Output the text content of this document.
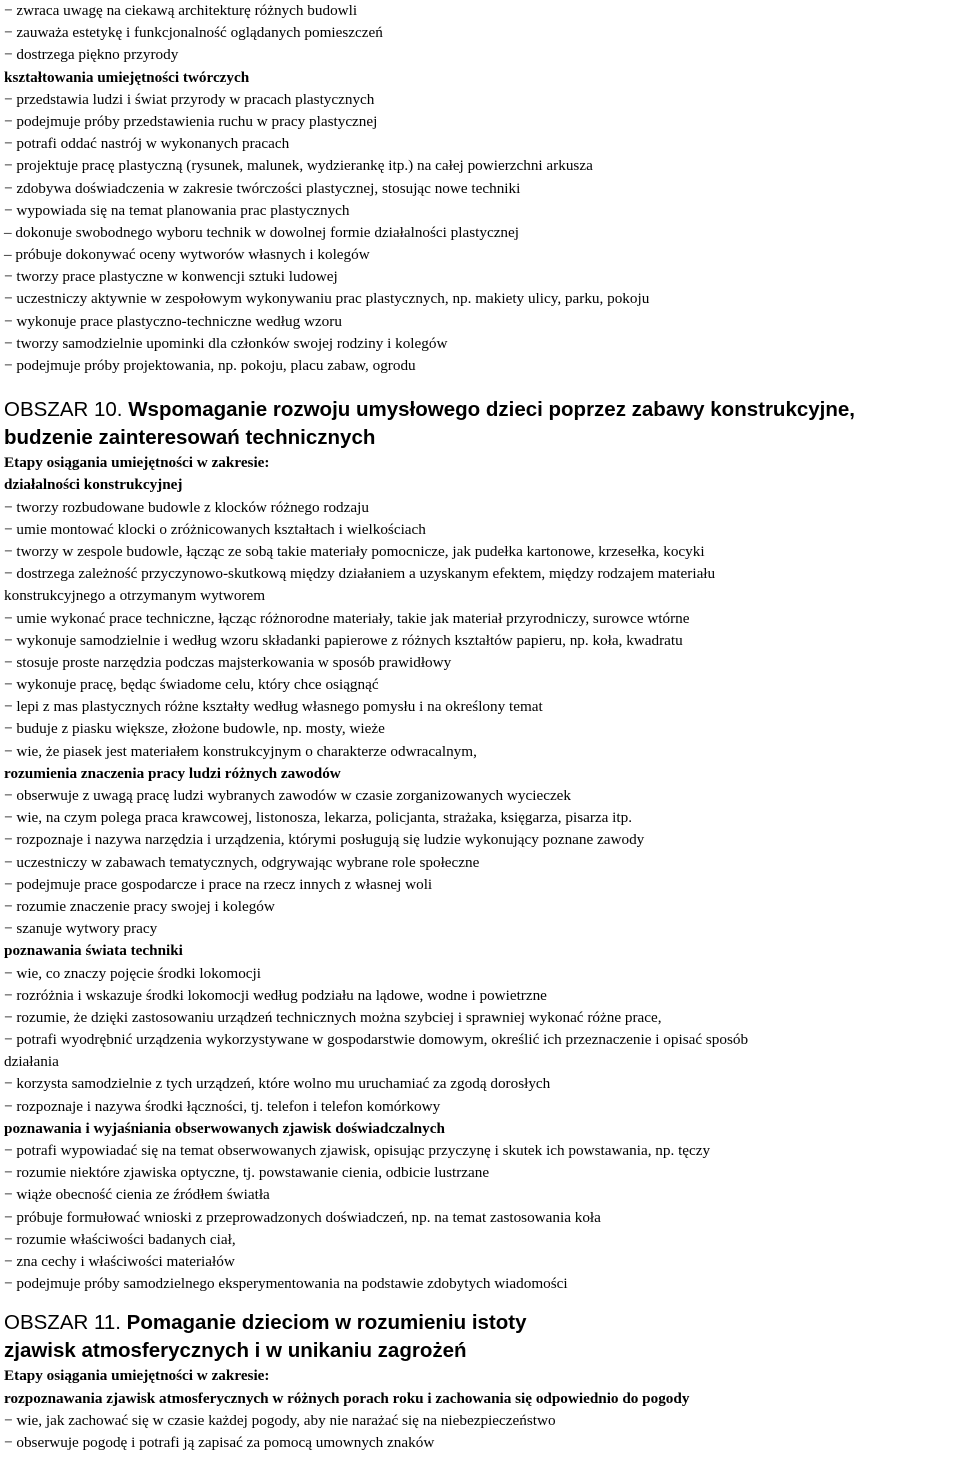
− zwraca uwagę na ciekawą architekturę różnych budowli

− zauważa estetykę i funkcjonalność oglądanych pomieszczeń

− dostrzega piękno przyrody

kształtowania umiejętności twórczych

− przedstawia ludzi i świat przyrody w pracach plastycznych

− podejmuje próby przedstawienia ruchu w pracy plastycznej

− potrafi oddać nastrój w wykonanych pracach

− projektuje pracę plastyczną (rysunek, malunek, wydzierankę itp.) na całej powierzchni arkusza

− zdobywa doświadczenia w zakresie twórczości plastycznej, stosując nowe techniki

− wypowiada się na temat planowania prac plastycznych

– dokonuje swobodnego wyboru technik w dowolnej formie działalności plastycznej

– próbuje dokonywać oceny wytworów własnych i kolegów

− tworzy prace plastyczne w konwencji sztuki ludowej

− uczestniczy aktywnie w zespołowym wykonywaniu prac plastycznych, np. makiety ulicy, parku, pokoju

− wykonuje prace plastyczno-techniczne według wzoru

− tworzy samodzielnie upominki dla członków swojej rodziny i kolegów

− podejmuje próby projektowania, np. pokoju, placu zabaw, ogrodu

OBSZAR 10. Wspomaganie rozwoju umysłowego dzieci poprzez zabawy konstrukcyjne,

budzenie zainteresowań technicznych

Etapy osiągania umiejętności w zakresie:

działalności konstrukcyjnej

− tworzy rozbudowane budowle z klocków różnego rodzaju

− umie montować klocki o zróżnicowanych kształtach i wielkościach

− tworzy w zespole budowle, łącząc ze sobą takie materiały pomocnicze, jak pudełka kartonowe, krzesełka, kocyki

− dostrzega zależność przyczynowo-skutkową między działaniem a uzyskanym efektem, między rodzajem materiału

konstrukcyjnego a otrzymanym wytworem

− umie wykonać prace techniczne, łącząc różnorodne materiały, takie jak materiał przyrodniczy, surowce wtórne

− wykonuje samodzielnie i według wzoru składanki papierowe z różnych kształtów papieru, np. koła, kwadratu

− stosuje proste narzędzia podczas majsterkowania w sposób prawidłowy

− wykonuje pracę, będąc świadome celu, który chce osiągnąć

− lepi z mas plastycznych różne kształty według własnego pomysłu i na określony temat

− buduje z piasku większe, złożone budowle, np. mosty, wieże

− wie, że piasek jest materiałem konstrukcyjnym o charakterze odwracalnym,

rozumienia znaczenia pracy ludzi różnych zawodów

− obserwuje z uwagą pracę ludzi wybranych zawodów w czasie zorganizowanych wycieczek

− wie, na czym polega praca krawcowej, listonosza, lekarza, policjanta, strażaka, księgarza, pisarza itp.

− rozpoznaje i nazywa narzędzia i urządzenia, którymi posługują się ludzie wykonujący poznane zawody

− uczestniczy w zabawach tematycznych, odgrywając wybrane role społeczne

− podejmuje prace gospodarcze i prace na rzecz innych z własnej woli

− rozumie znaczenie pracy swojej i kolegów

− szanuje wytwory pracy

poznawania świata techniki

− wie, co znaczy pojęcie środki lokomocji

− rozróżnia i wskazuje środki lokomocji według podziału na lądowe, wodne i powietrzne

− rozumie, że dzięki zastosowaniu urządzeń technicznych można szybciej i sprawniej wykonać różne prace,

− potrafi wyodrębnić urządzenia wykorzystywane w gospodarstwie domowym, określić ich przeznaczenie i opisać sposób

działania

− korzysta samodzielnie z tych urządzeń, które wolno mu uruchamiać za zgodą dorosłych

− rozpoznaje i nazywa środki łączności, tj. telefon i telefon komórkowy

poznawania i wyjaśniania obserwowanych zjawisk doświadczalnych

− potrafi wypowiadać się na temat obserwowanych zjawisk, opisując przyczynę i skutek ich powstawania, np. tęczy

− rozumie niektóre zjawiska optyczne, tj. powstawanie cienia, odbicie lustrzane

− wiąże obecność cienia ze źródłem światła

− próbuje formułować wnioski z przeprowadzonych doświadczeń, np. na temat zastosowania koła

− rozumie właściwości badanych ciał,

− zna cechy i właściwości materiałów

− podejmuje próby samodzielnego eksperymentowania na podstawie zdobytych wiadomości

OBSZAR 11. Pomaganie dzieciom w rozumieniu istoty

zjawisk atmosferycznych i w unikaniu zagrożeń

Etapy osiągania umiejętności w zakresie:

rozpoznawania zjawisk atmosferycznych w różnych porach roku i zachowania się odpowiednio do pogody

− wie, jak zachować się w czasie każdej pogody, aby nie narażać się na niebezpieczeństwo

− obserwuje pogodę i potrafi ją zapisać za pomocą umownych znaków
